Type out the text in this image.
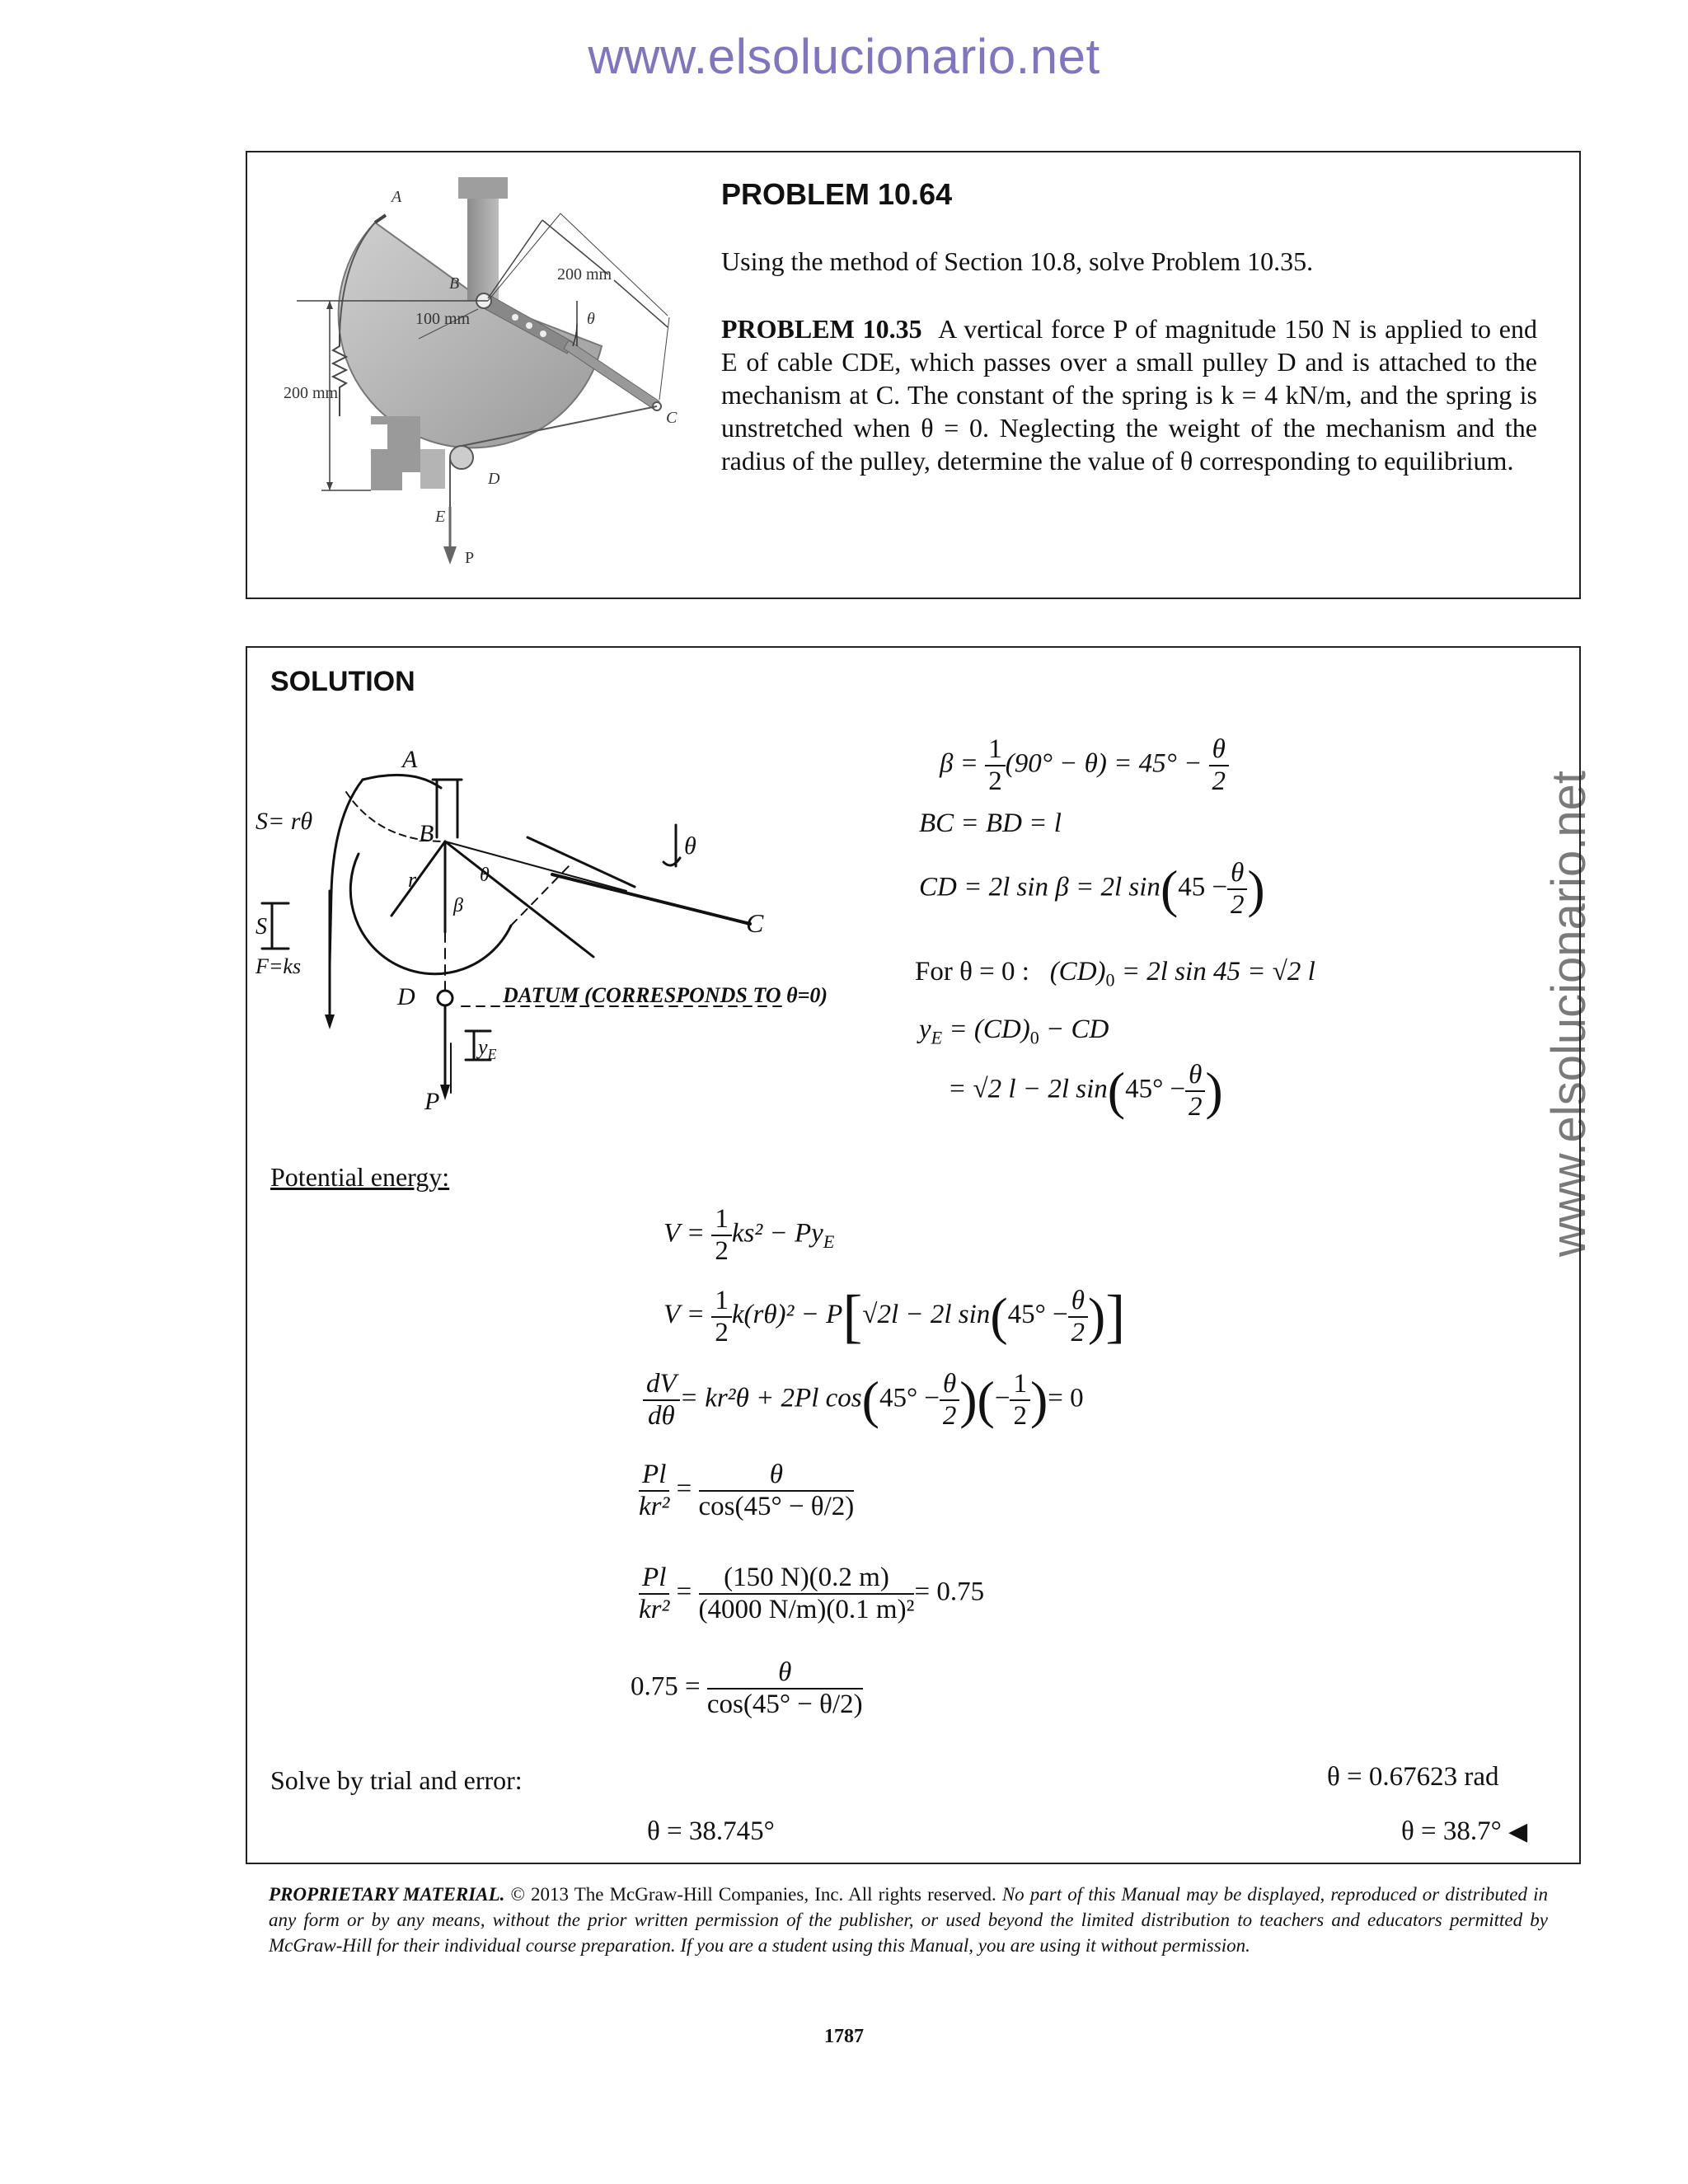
www.elsolucionario.net
www.elsolucionario.net
A
B
C
D
E
P
θ
200 mm
100 mm
200 mm
PROBLEM 10.64
Using the method of Section 10.8, solve Problem 10.35.
PROBLEM 10.35 A vertical force P of magnitude 150 N is applied to end E of cable CDE, which passes over a small pulley D and is attached to the mechanism at C. The constant of the spring is k = 4 kN/m, and the spring is unstretched when θ = 0. Neglecting the weight of the mechanism and the radius of the pulley, determine the value of θ corresponding to equilibrium.
SOLUTION
A
B
C
D
P
S= rθ
S
F=ks
r
β
θ
θ
DATUM (CORRESPONDS TO θ=0)
$y_E$
$\beta = \frac{1}{2} (90^\circ - \theta) = 45^\circ - \frac{\theta}{2}$
BC = BD = l
CD = 2l sin β = 2l $\sin(45 - \frac{\theta}{2}$ )
For θ = 0 : $(CD)_0 = 2l$ sin 45 = √2 l
$y_E = (CD)_0$ − CD
= √2 l − 2l $\sin(45^\circ - \frac{\theta}{2}$ )
Potential energy:
$V = \frac{1}{2} ks^2 - Py_E$
$V = \frac{1}{2} k(r\theta)^2 - P[√2l - 2l$ $\sin(45^\circ - \frac{\theta}{2}$ )]
$\frac{dV}{d\theta} = kr^2\theta + 2Pl$ $\cos(45^\circ - \frac{\theta}{2}$ )(− $\frac{1}{2}$ )= 0
$\frac{Pl}{\text{kr²}} = \frac{\theta}{\cos(45^\circ - \theta/2)}$
$\frac{Pl}{\text{kr²}} = \frac{(150 N)(0.2 m)}{\text{(4000 N/m)(0.1 m)²}} = 0.75$
$0.75 = \frac{\theta}{\cos(45^\circ - \theta/2)}$
Solve by trial and error:	θ = 0.67623 rad
θ = 38.745°	θ = 38.7° ◀
PROPRIETARY MATERIAL. © 2013 The McGraw-Hill Companies, Inc. All rights reserved. No part of this Manual may be displayed, reproduced or distributed in any form or by any means, without the prior written permission of the publisher, or used beyond the limited distribution to teachers and educators permitted by McGraw-Hill for their individual course preparation. If you are a student using this Manual, you are using it without permission.
1787
